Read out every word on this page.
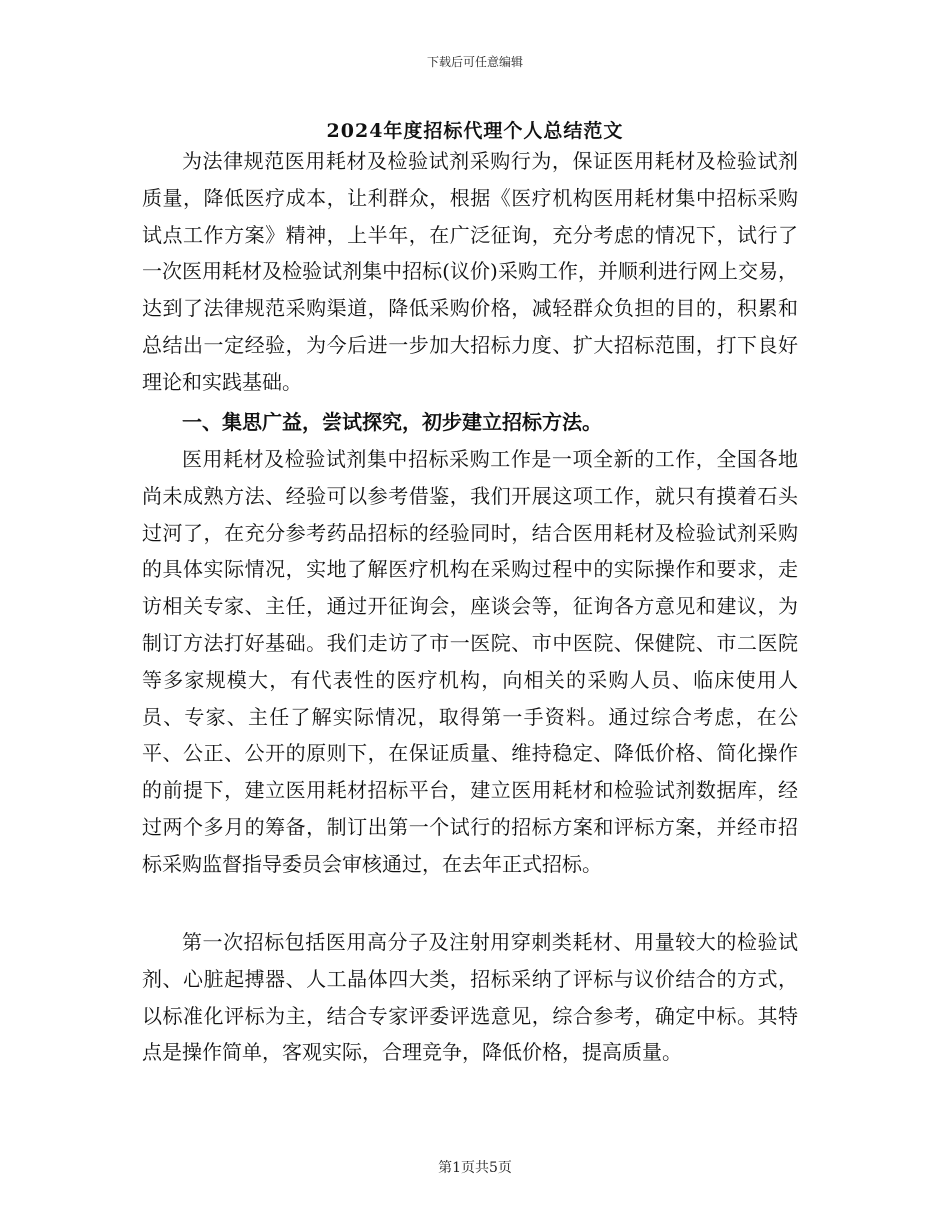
下载后可任意编辑
2024年度招标代理个人总结范文

为法律规范医用耗材及检验试剂采购行为，保证医用耗材及检验试剂质量，降低医疗成本，让利群众，根据《医疗机构医用耗材集中招标采购试点工作方案》精神，上半年，在广泛征询，充分考虑的情况下，试行了一次医用耗材及检验试剂集中招标(议价)采购工作，并顺利进行网上交易，达到了法律规范采购渠道，降低采购价格，减轻群众负担的目的，积累和总结出一定经验，为今后进一步加大招标力度、扩大招标范围，打下良好理论和实践基础。

一、集思广益，尝试探究，初步建立招标方法。

医用耗材及检验试剂集中招标采购工作是一项全新的工作，全国各地尚未成熟方法、经验可以参考借鉴，我们开展这项工作，就只有摸着石头过河了，在充分参考药品招标的经验同时，结合医用耗材及检验试剂采购的具体实际情况，实地了解医疗机构在采购过程中的实际操作和要求，走访相关专家、主任，通过开征询会，座谈会等，征询各方意见和建议，为制订方法打好基础。我们走访了市一医院、市中医院、保健院、市二医院等多家规模大，有代表性的医疗机构，向相关的采购人员、临床使用人员、专家、主任了解实际情况，取得第一手资料。通过综合考虑，在公平、公正、公开的原则下，在保证质量、维持稳定、降低价格、简化操作的前提下，建立医用耗材招标平台，建立医用耗材和检验试剂数据库，经过两个多月的筹备，制订出第一个试行的招标方案和评标方案，并经市招标采购监督指导委员会审核通过，在去年正式招标。

第一次招标包括医用高分子及注射用穿刺类耗材、用量较大的检验试剂、心脏起搏器、人工晶体四大类，招标采纳了评标与议价结合的方式，以标准化评标为主，结合专家评委评选意见，综合参考，确定中标。其特点是操作简单，客观实际，合理竞争，降低价格，提高质量。

第1页共5页
